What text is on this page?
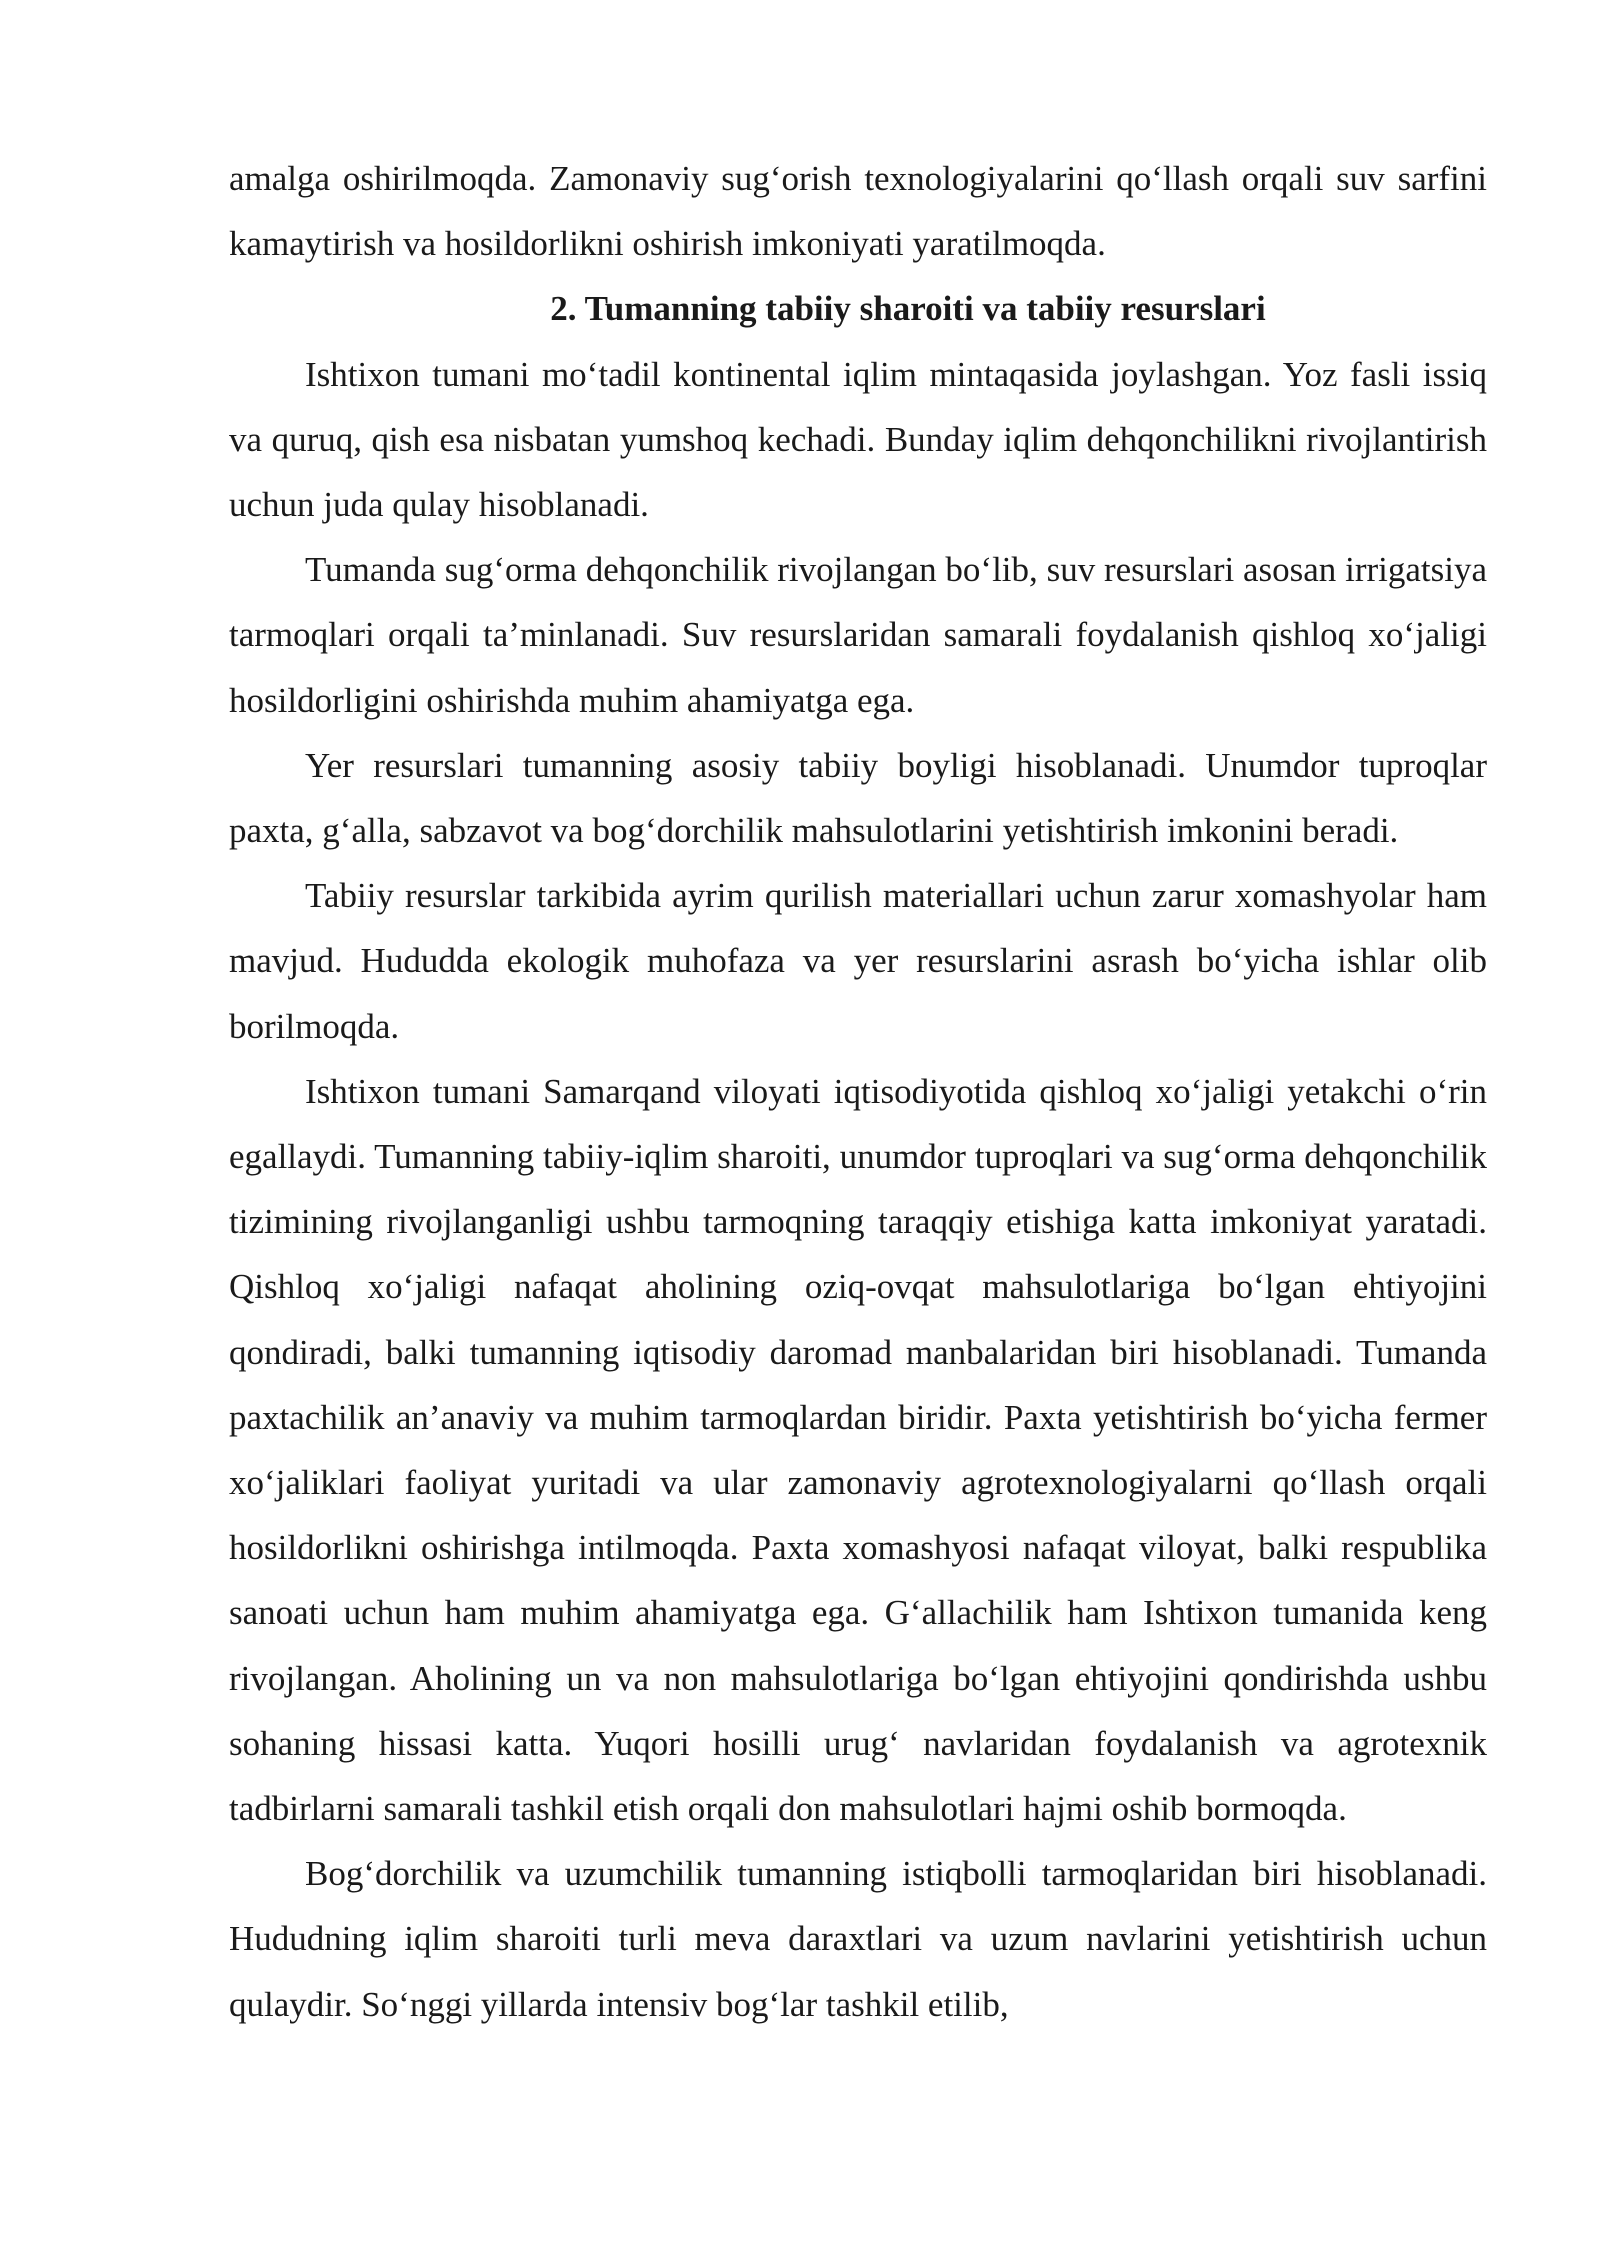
amalga oshirilmoqda. Zamonaviy sug‘orish texnologiyalarini qo‘llash orqali suv sarfini kamaytirish va hosildorlikni oshirish imkoniyati yaratilmoqda.

2. Tumanning tabiiy sharoiti va tabiiy resurslari

Ishtixon tumani mo‘tadil kontinental iqlim mintaqasida joylashgan. Yoz fasli issiq va quruq, qish esa nisbatan yumshoq kechadi. Bunday iqlim dehqonchilikni rivojlantirish uchun juda qulay hisoblanadi.

Tumanda sug‘orma dehqonchilik rivojlangan bo‘lib, suv resurslari asosan irrigatsiya tarmoqlari orqali ta’minlanadi. Suv resurslaridan samarali foydalanish qishloq xo‘jaligi hosildorligini oshirishda muhim ahamiyatga ega.

Yer resurslari tumanning asosiy tabiiy boyligi hisoblanadi. Unumdor tuproqlar paxta, g‘alla, sabzavot va bog‘dorchilik mahsulotlarini yetishtirish imkonini beradi.

Tabiiy resurslar tarkibida ayrim qurilish materiallari uchun zarur xomashyolar ham mavjud. Hududda ekologik muhofaza va yer resurslarini asrash bo‘yicha ishlar olib borilmoqda.

Ishtixon tumani Samarqand viloyati iqtisodiyotida qishloq xo‘jaligi yetakchi o‘rin egallaydi. Tumanning tabiiy-iqlim sharoiti, unumdor tuproqlari va sug‘orma dehqonchilik tizimining rivojlanganligi ushbu tarmoqning taraqqiy etishiga katta imkoniyat yaratadi. Qishloq xo‘jaligi nafaqat aholining oziq-ovqat mahsulotlariga bo‘lgan ehtiyojini qondiradi, balki tumanning iqtisodiy daromad manbalaridan biri hisoblanadi. Tumanda paxtachilik an’anaviy va muhim tarmoqlardan biridir. Paxta yetishtirish bo‘yicha fermer xo‘jaliklari faoliyat yuritadi va ular zamonaviy agrotexnologiyalarni qo‘llash orqali hosildorlikni oshirishga intilmoqda. Paxta xomashyosi nafaqat viloyat, balki respublika sanoati uchun ham muhim ahamiyatga ega. G‘allachilik ham Ishtixon tumanida keng rivojlangan. Aholining un va non mahsulotlariga bo‘lgan ehtiyojini qondirishda ushbu sohaning hissasi katta. Yuqori hosilli urug‘ navlaridan foydalanish va agrotexnik tadbirlarni samarali tashkil etish orqali don mahsulotlari hajmi oshib bormoqda.

Bog‘dorchilik va uzumchilik tumanning istiqbolli tarmoqlaridan biri hisoblanadi. Hududning iqlim sharoiti turli meva daraxtlari va uzum navlarini yetishtirish uchun qulaydir. So‘nggi yillarda intensiv bog‘lar tashkil etilib,
